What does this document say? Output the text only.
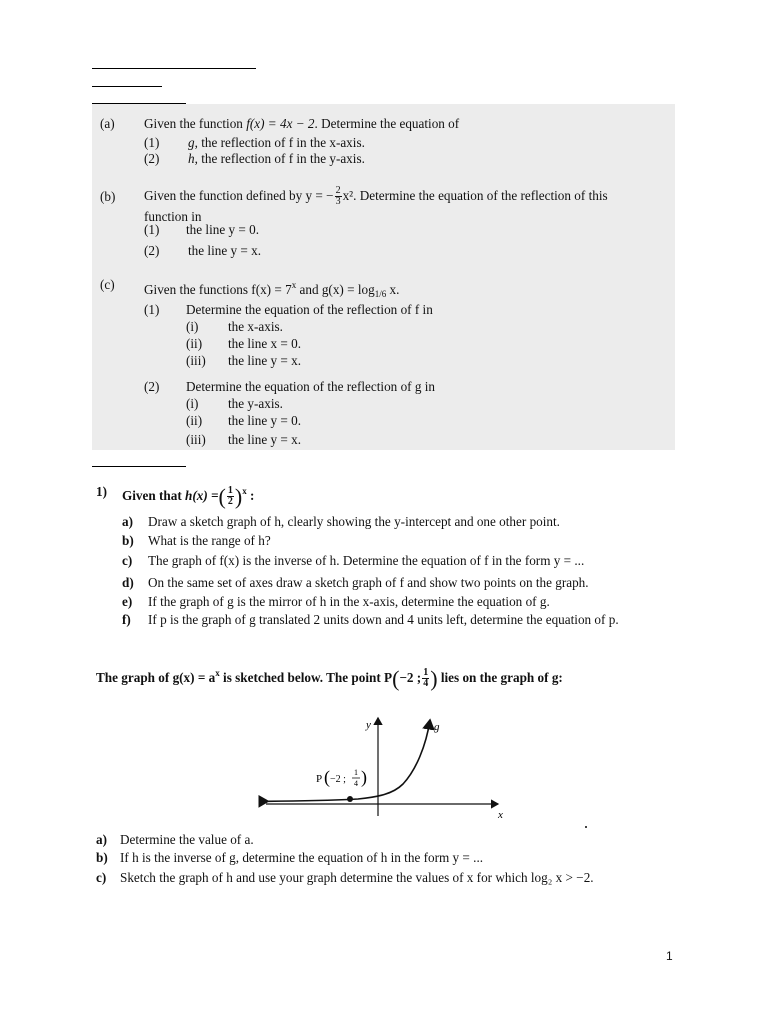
(a) Given the function f(x) = 4x − 2. Determine the equation of
(1) g, the reflection of f in the x-axis.
(2) h, the reflection of f in the y-axis.
(b) Given the function defined by y = − $\frac{2}{3} x^2$. Determine the equation of the reflection of this
function in
(1) the line y = 0.
(2) the line y = x.
(c) Given the functions $f(x) = 7^x$ and $g(x) = \log_{1/6} x$.
(1) Determine the equation of the reflection of f in
(i) the x-axis.
(ii) the line x = 0.
(iii) the line y = x.
(2) Determine the equation of the reflection of g in
(i) the y-axis.
(ii) the line y = 0.
(iii) the line y = x.
1) Given that h(x) =( $\frac{1}{2} )^x$ :
a) Draw a sketch graph of h, clearly showing the y-intercept and one other point.
b) What is the range of h?
c) The graph of f(x) is the inverse of h. Determine the equation of f in the form y = ...
d) On the same set of axes draw a sketch graph of f and show two points on the graph.
e) If the graph of g is the mirror of h in the x-axis, determine the equation of g.
f) If p is the graph of g translated 2 units down and 4 units left, determine the equation of p.
The graph of $g(x) = a^x$ is sketched below. The point P(−2 ; $\frac{1}{4}$ ) lies on the graph of g:
y
x
g
P ( −2 ;
1
4 )
a) Determine the value of a.
b) If h is the inverse of g, determine the equation of h in the form y = ...
c) Sketch the graph of h and use your graph determine the values of x for which log₂ x > −2.
1
